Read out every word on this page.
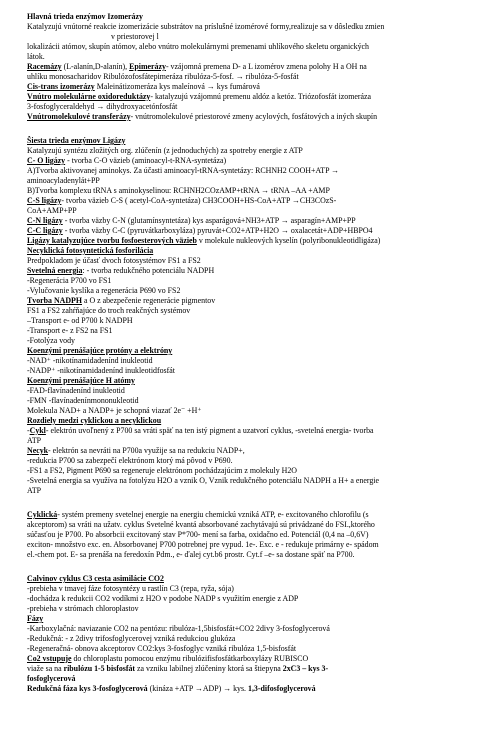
Hlavná trieda enzýmov Izomerázy
Katalyzujú vnútorné reakcie izomerizácie substrátov na príslušné izomérové formy,realizuje sa v dôsledku zmien
v priestorovej l
lokalizácii atómov, skupín atómov, alebo vnútro molekulárnymi premenami uhlíkového skeletu organických
látok.
Racemázy (L-alanín,D-alanín), Epimerázy- vzájomná premena D- a L izomérov zmena polohy H a OH na
uhlíku monosacharidov Ribulózofosfátepimeráza ribulóza-5-fosf. → ribulóza-5-fosfát
Cis-trans izomerázy Maleinátizomeráza kys maleínová → kys fumárová
Vnútro molekulárne oxidoreduktázy- katalyzujú vzájomnú premenu aldóz a ketóz. Triózofosfát izomeráza
3-fosfoglyceraldehyd → dihydroxyacetónfosfát
Vnútromolekulové transferázy- vnútromolekulové priestorové zmeny acylových, fosfátových a iných skupín
Šiesta trieda enzýmov Ligázy
Katalyzujú syntézu zložitých org. zlúčenín (z jednoduchých) za spotreby energie z ATP
C- O ligázy - tvorba C-O väzieb (aminoacyl-t-RNA-syntetáza)
A)Tvorba aktivovanej aminokys. Za účasti aminoacyl-tRNA-syntetázy: RCHNH2 COOH+ATP →
aminoacyladenylát+PP
B)Tvorba komplexu tRNA s aminokyselinou: RCHNH2COzAMP+tRNA → tRNA –AA +AMP
C-S ligázy- tvorba väzieb C-S ( acetyl-CoA-syntetáza) CH3COOH+HS-CoA+ATP →CH3COzS-
CoA+AMP+PP
C-N ligázy - tvorba väzby C-N (glutamínsyntetáza) kys asparágová+NH3+ATP → asparagín+AMP+PP
C-C ligázy - tvorba väzby C-C (pyruvátkarboxyláza) pyruvát+CO2+ATP+H2O → oxalacetát+ADP+HBPO4
Ligázy katalyzujúce tvorbu fosfoesterových väzieb v molekule nukleových kyselín (polyribonukleotidligáza)
Necyklická fotosyntetická fosforilácia
Predpokladom je účasť dvoch fotosystémov FS1 a FS2
Svetelná energia: - tvorba redukčného potenciálu NADPH
-Regenerácia P700 vo FS1
-Vylučovanie kyslíka a regenerácia P690 vo FS2
Tvorba NADPH a O z abezpečenie regenerácie pigmentov
FS1 a FS2 zahŕňajúce do troch reakčných systémov
–Transport e- od P700 k NADPH
-Transport e- z FS2 na FS1
-Fotolýza vody
Koenzými prenášajúce protóny a elektróny
-NAD⁺ -nikotínamidadenínd inukleotid
-NADP⁺ -nikotínamidadenínd inukleotidfosfát
Koenzými prenášajúce H atómy
-FAD-flavínadenínd inukleotid
-FMN -flavínadenínmononukleotid
Molekula NAD+ a NADP+ je schopná viazať 2e⁻ +H⁺
Rozdiely medzi cyklickou a necyklickou
-Cykl- elektrón uvoľnený z P700 sa vráti späť na ten istý pigment a uzatvorí cyklus, -svetelná energia- tvorba
ATP
Necyk- elektrón sa nevráti na P700a využije sa na redukciu NADP+,
-redukcia P700 sa zabezpečí elektrónom ktorý má pôvod v P690.
-FS1 a FS2, Pigment P690 sa regeneruje elektrónom pochádzajúcim z molekuly H2O
-Svetelná energia sa využíva na fotolýzu H2O a vznik O, Vznik redukčného potenciálu NADPH a H+ a energie
ATP
Cyklická- systém premeny svetelnej energie na energiu chemickú vzniká ATP, e- excitovaného chlorofilu (s
akceptorom) sa vráti na užatv. cyklus Svetelné kvantá absorbované zachytávajú sú privádzané do FSI.,ktorého
súčasťou je P700. Po absorbcii excitovaný stav P*700- mení sa farba, oxidačno ed. Potenciál (0,4 na –0,6V)
exciton- množstvo exc. en. Absorbovanej P700 potrebnej pre vypud. 1e-. Exc. e - redukuje primárny e- spádom
el.-chem pot. E- sa prenáša na feredoxín Pdm., e- ďalej cyt.b6 prostr. Cyt.f –e- sa dostane späť na P700.
Calvinov cyklus C3 cesta asimilácie CO2
-prebieha v tmavej fáze fotosyntézy u rastlín C3 (repa, ryža, sója)
-dochádza k redukcii CO2 vodíkmi z H2O v podobe NADP s využitím energie z ADP
-prebieha v strómach chloroplastov
Fázy
-Karboxylačná: naviazanie CO2 na pentózu: ribulóza-1,5bisfosfát+CO2 2divy 3-fosfoglycerová
-Redukčná: - z 2divy trifosfoglycerovej vzniká redukciou glukóza
-Regeneračná- obnova akceptorov CO2:kys 3-fosfoglyc vzniká ribulóza 1,5-bisfosfát
Co2 vstupuje do chloroplastu pomocou enzýmu ribulózifisfosfátkarboxylázy RUBISCO
viaže sa na ribulózu 1-5 bisfosfát za vzniku labilnej zlúčeniny ktorá sa štiepyna 2xC3 – kys 3-
fosfoglycerová
Redukčná fáza kys 3-fosfoglycerová (kináza +ATP →ADP) → kys. 1,3-difosfoglycerová
